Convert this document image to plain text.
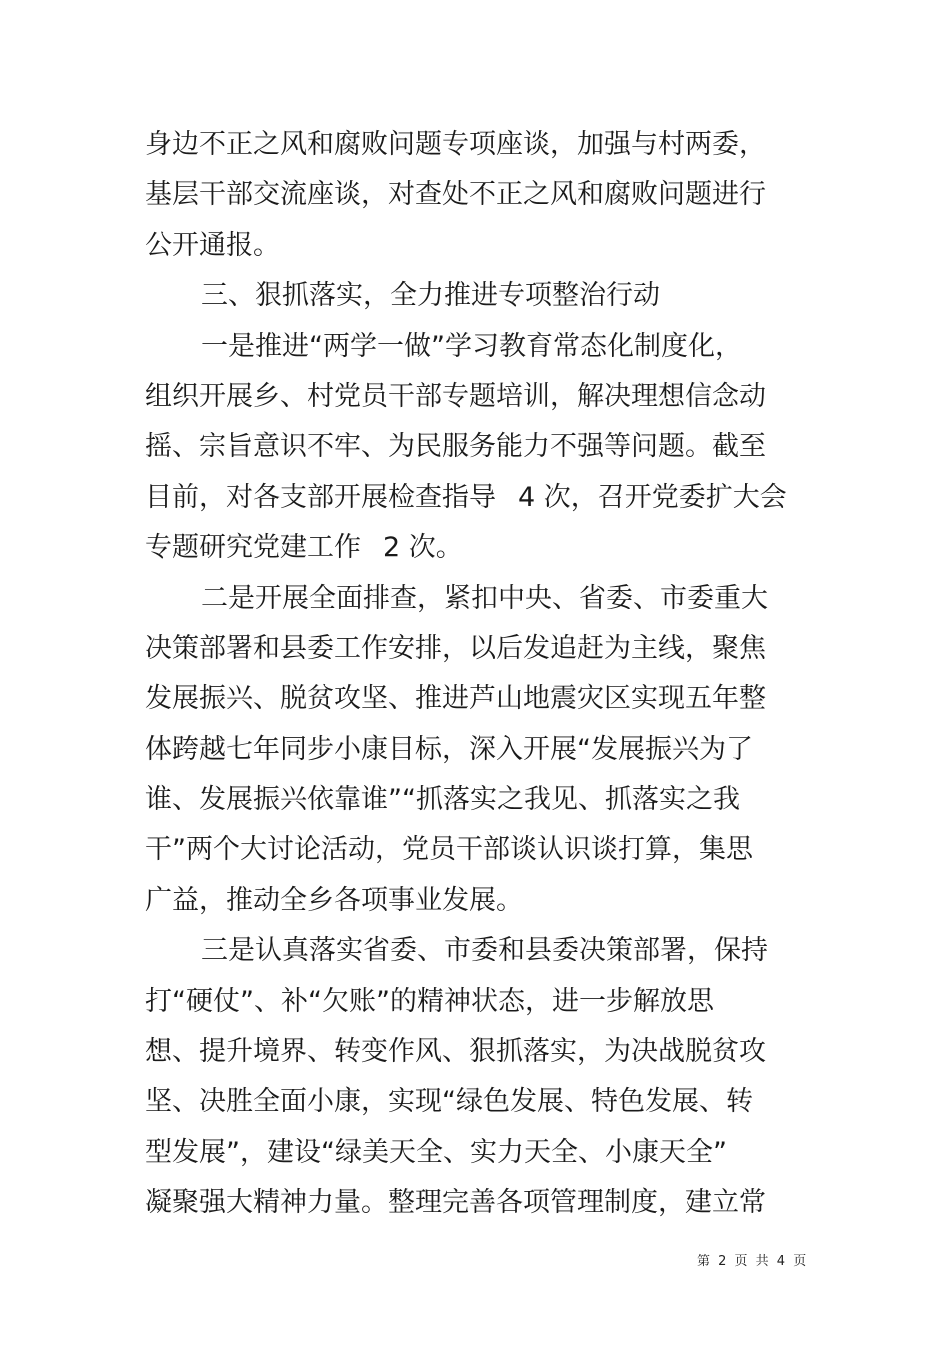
身边不正之风和腐败问题专项座谈，加强与村两委，
基层干部交流座谈，对查处不正之风和腐败问题进行
公开通报。
三、狠抓落实，全力推进专项整治行动
一是推进“两学一做”学习教育常态化制度化，
组织开展乡、村党员干部专题培训，解决理想信念动
摇、宗旨意识不牢、为民服务能力不强等问题。截至
目前，对各支部开展检查指导 4 次，召开党委扩大会
专题研究党建工作 2 次。
二是开展全面排查，紧扣中央、省委、市委重大
决策部署和县委工作安排，以后发追赶为主线，聚焦
发展振兴、脱贫攻坚、推进芦山地震灾区实现五年整
体跨越七年同步小康目标，深入开展“发展振兴为了
谁、发展振兴依靠谁”“抓落实之我见、抓落实之我
干”两个大讨论活动，党员干部谈认识谈打算，集思
广益，推动全乡各项事业发展。
三是认真落实省委、市委和县委决策部署，保持
打“硬仗”、补“欠账”的精神状态，进一步解放思
想、提升境界、转变作风、狠抓落实，为决战脱贫攻
坚、决胜全面小康，实现“绿色发展、特色发展、转
型发展”，建设“绿美天全、实力天全、小康天全”
凝聚强大精神力量。整理完善各项管理制度，建立常
第 2 页 共 4 页
